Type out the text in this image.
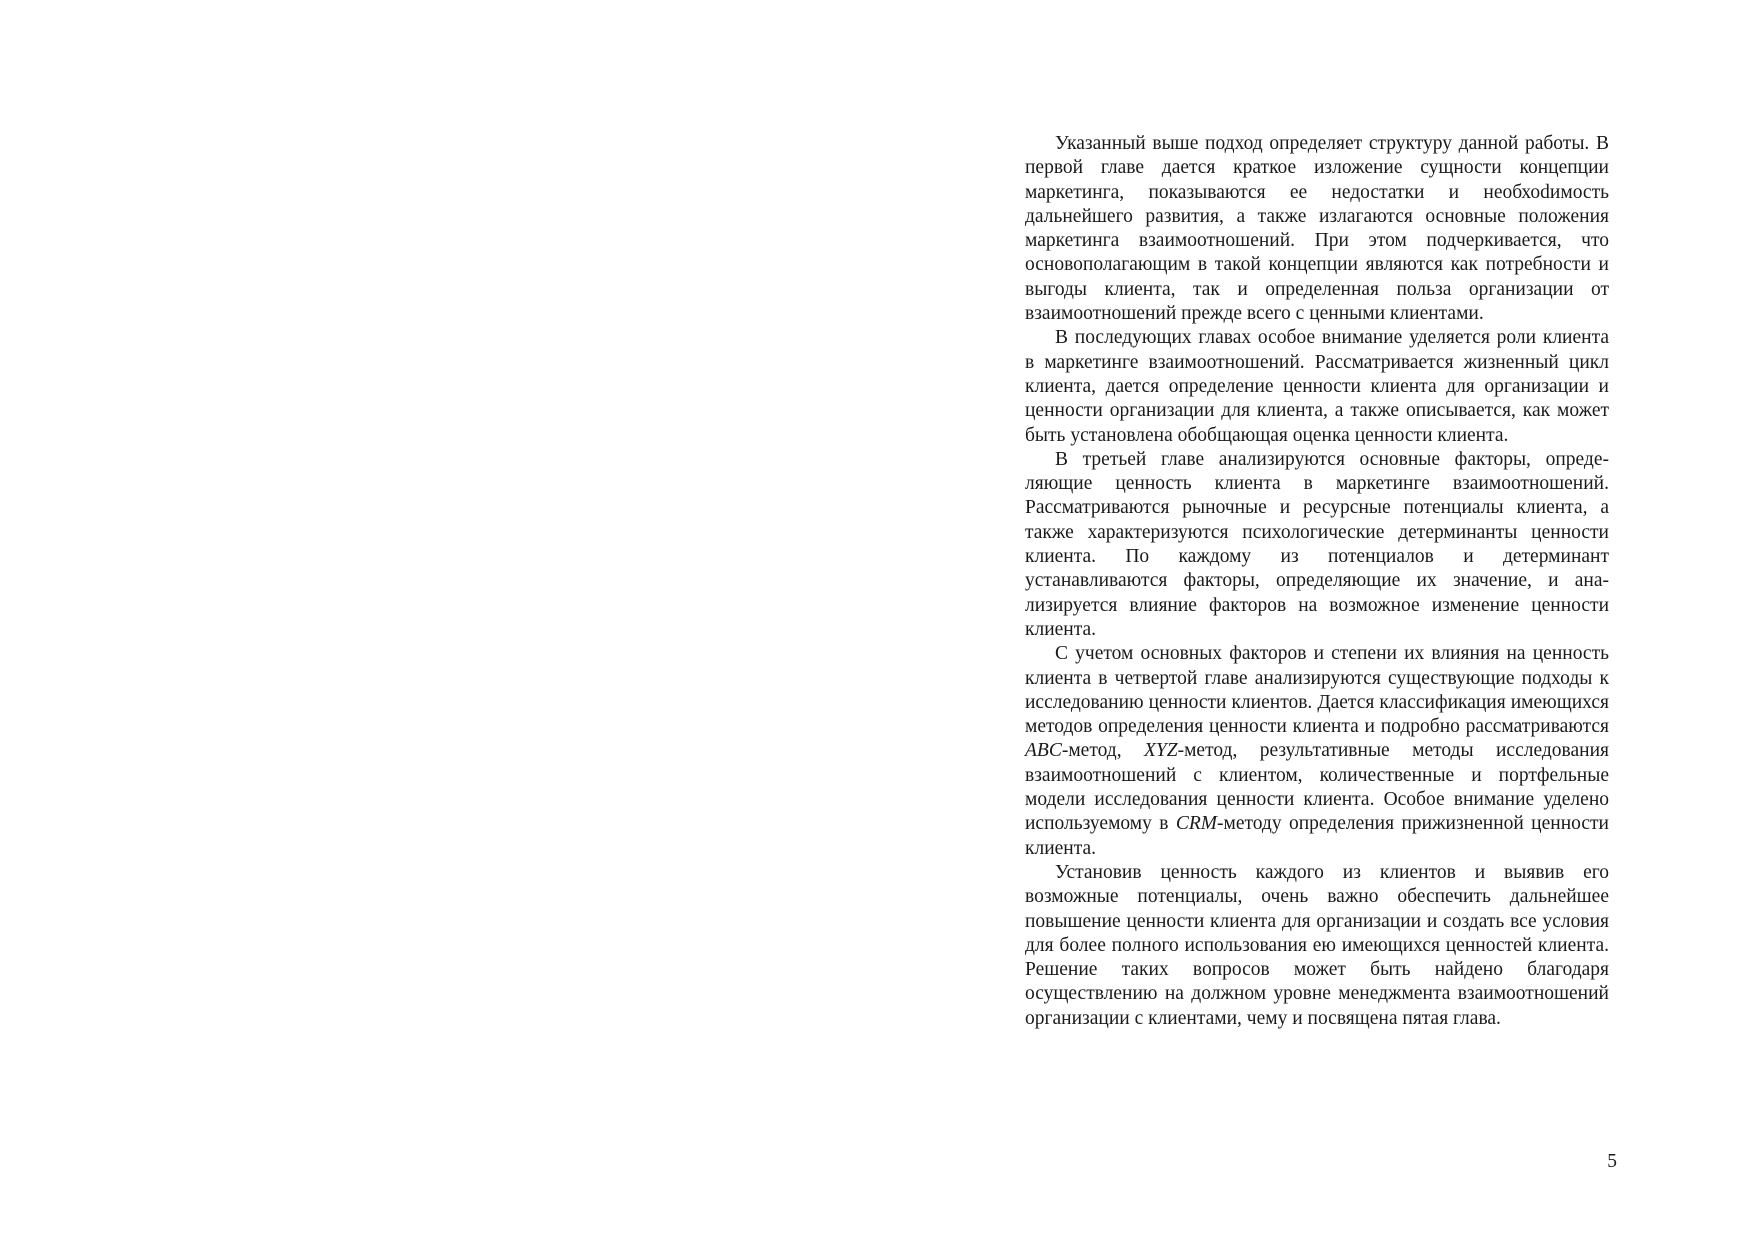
Указанный выше подход определяет структуру данной работы. В первой главе дается краткое изложение сущности концепции маркетинга, показываются ее недостатки и необхоdимость дальнейшего развития, а также излагаются основные положения маркетинга взаимоотношений. При этом подчеркивается, что основополагающим в такой концепции являются как потребности и выгоды клиента, так и определенная польза организации от взаимоотношений прежде всего с ценными клиентами.

В последующих главах особое внимание уделяется роли клиента в маркетинге взаимоотношений. Рассматривается жизненный цикл клиента, дается определение ценности клиента для организации и ценности организации для клиента, а также описывается, как может быть установлена обобщающая оценка ценности клиента.

В третьей главе анализируются основные факторы, определяющие ценность клиента в маркетинге взаимоотношений. Рассматриваются рыночные и ресурсные потенциалы клиента, а также характеризуются психологические детерминанты ценности клиента. По каждому из потенциалов и детерминант устанавливаются факторы, определяющие их значение, и анализируется влияние факторов на возможное изменение ценности клиента.

С учетом основных факторов и степени их влияния на ценность клиента в четвертой главе анализируются существующие подходы к исследованию ценности клиентов. Дается классификация имеющихся методов определения ценности клиента и подробно рассматриваются ABC-метод, XYZ-метод, результативные методы исследования взаимоотношений с клиентом, количественные и портфельные модели исследования ценности клиента. Особое внимание уделено используемому в CRM-методу определения прижизненной ценности клиента.

Установив ценность каждого из клиентов и выявив его возможные потенциалы, очень важно обеспечить дальнейшее повышение ценности клиента для организации и создать все условия для более полного использования ею имеющихся ценностей клиента. Решение таких вопросов может быть найдено благодаря осуществлению на должном уровне менеджмента взаимоотношений организации с клиентами, чему и посвящена пятая глава.

5
